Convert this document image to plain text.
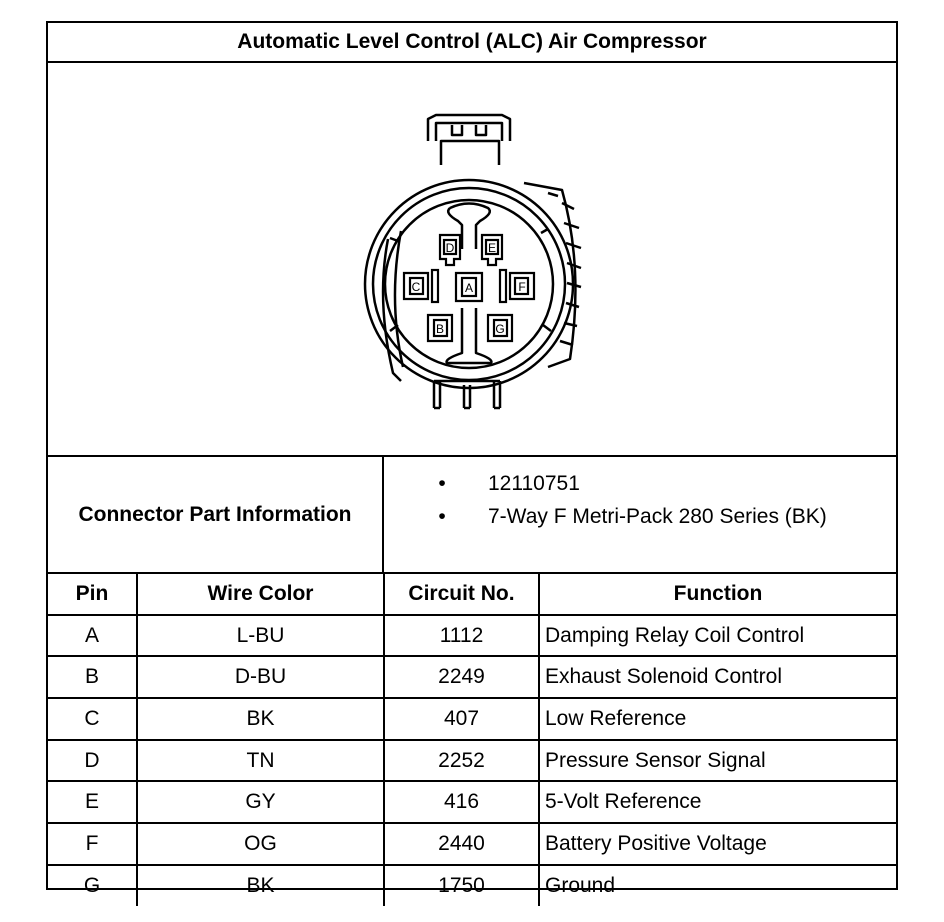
Automatic Level Control (ALC) Air Compressor
A
B
C
D	E
F
G
Connector Part Information
•	12110751
•	7-Way F Metri-Pack 280 Series (BK)
Pin	Wire Color	Circuit No.	Function
A	L-BU	1112	Damping Relay Coil Control
B	D-BU	2249	Exhaust Solenoid Control
C	BK	407	Low Reference
D	TN	2252	Pressure Sensor Signal
E	GY	416	5-Volt Reference
F	OG	2440	Battery Positive Voltage
G	BK	1750	Ground
